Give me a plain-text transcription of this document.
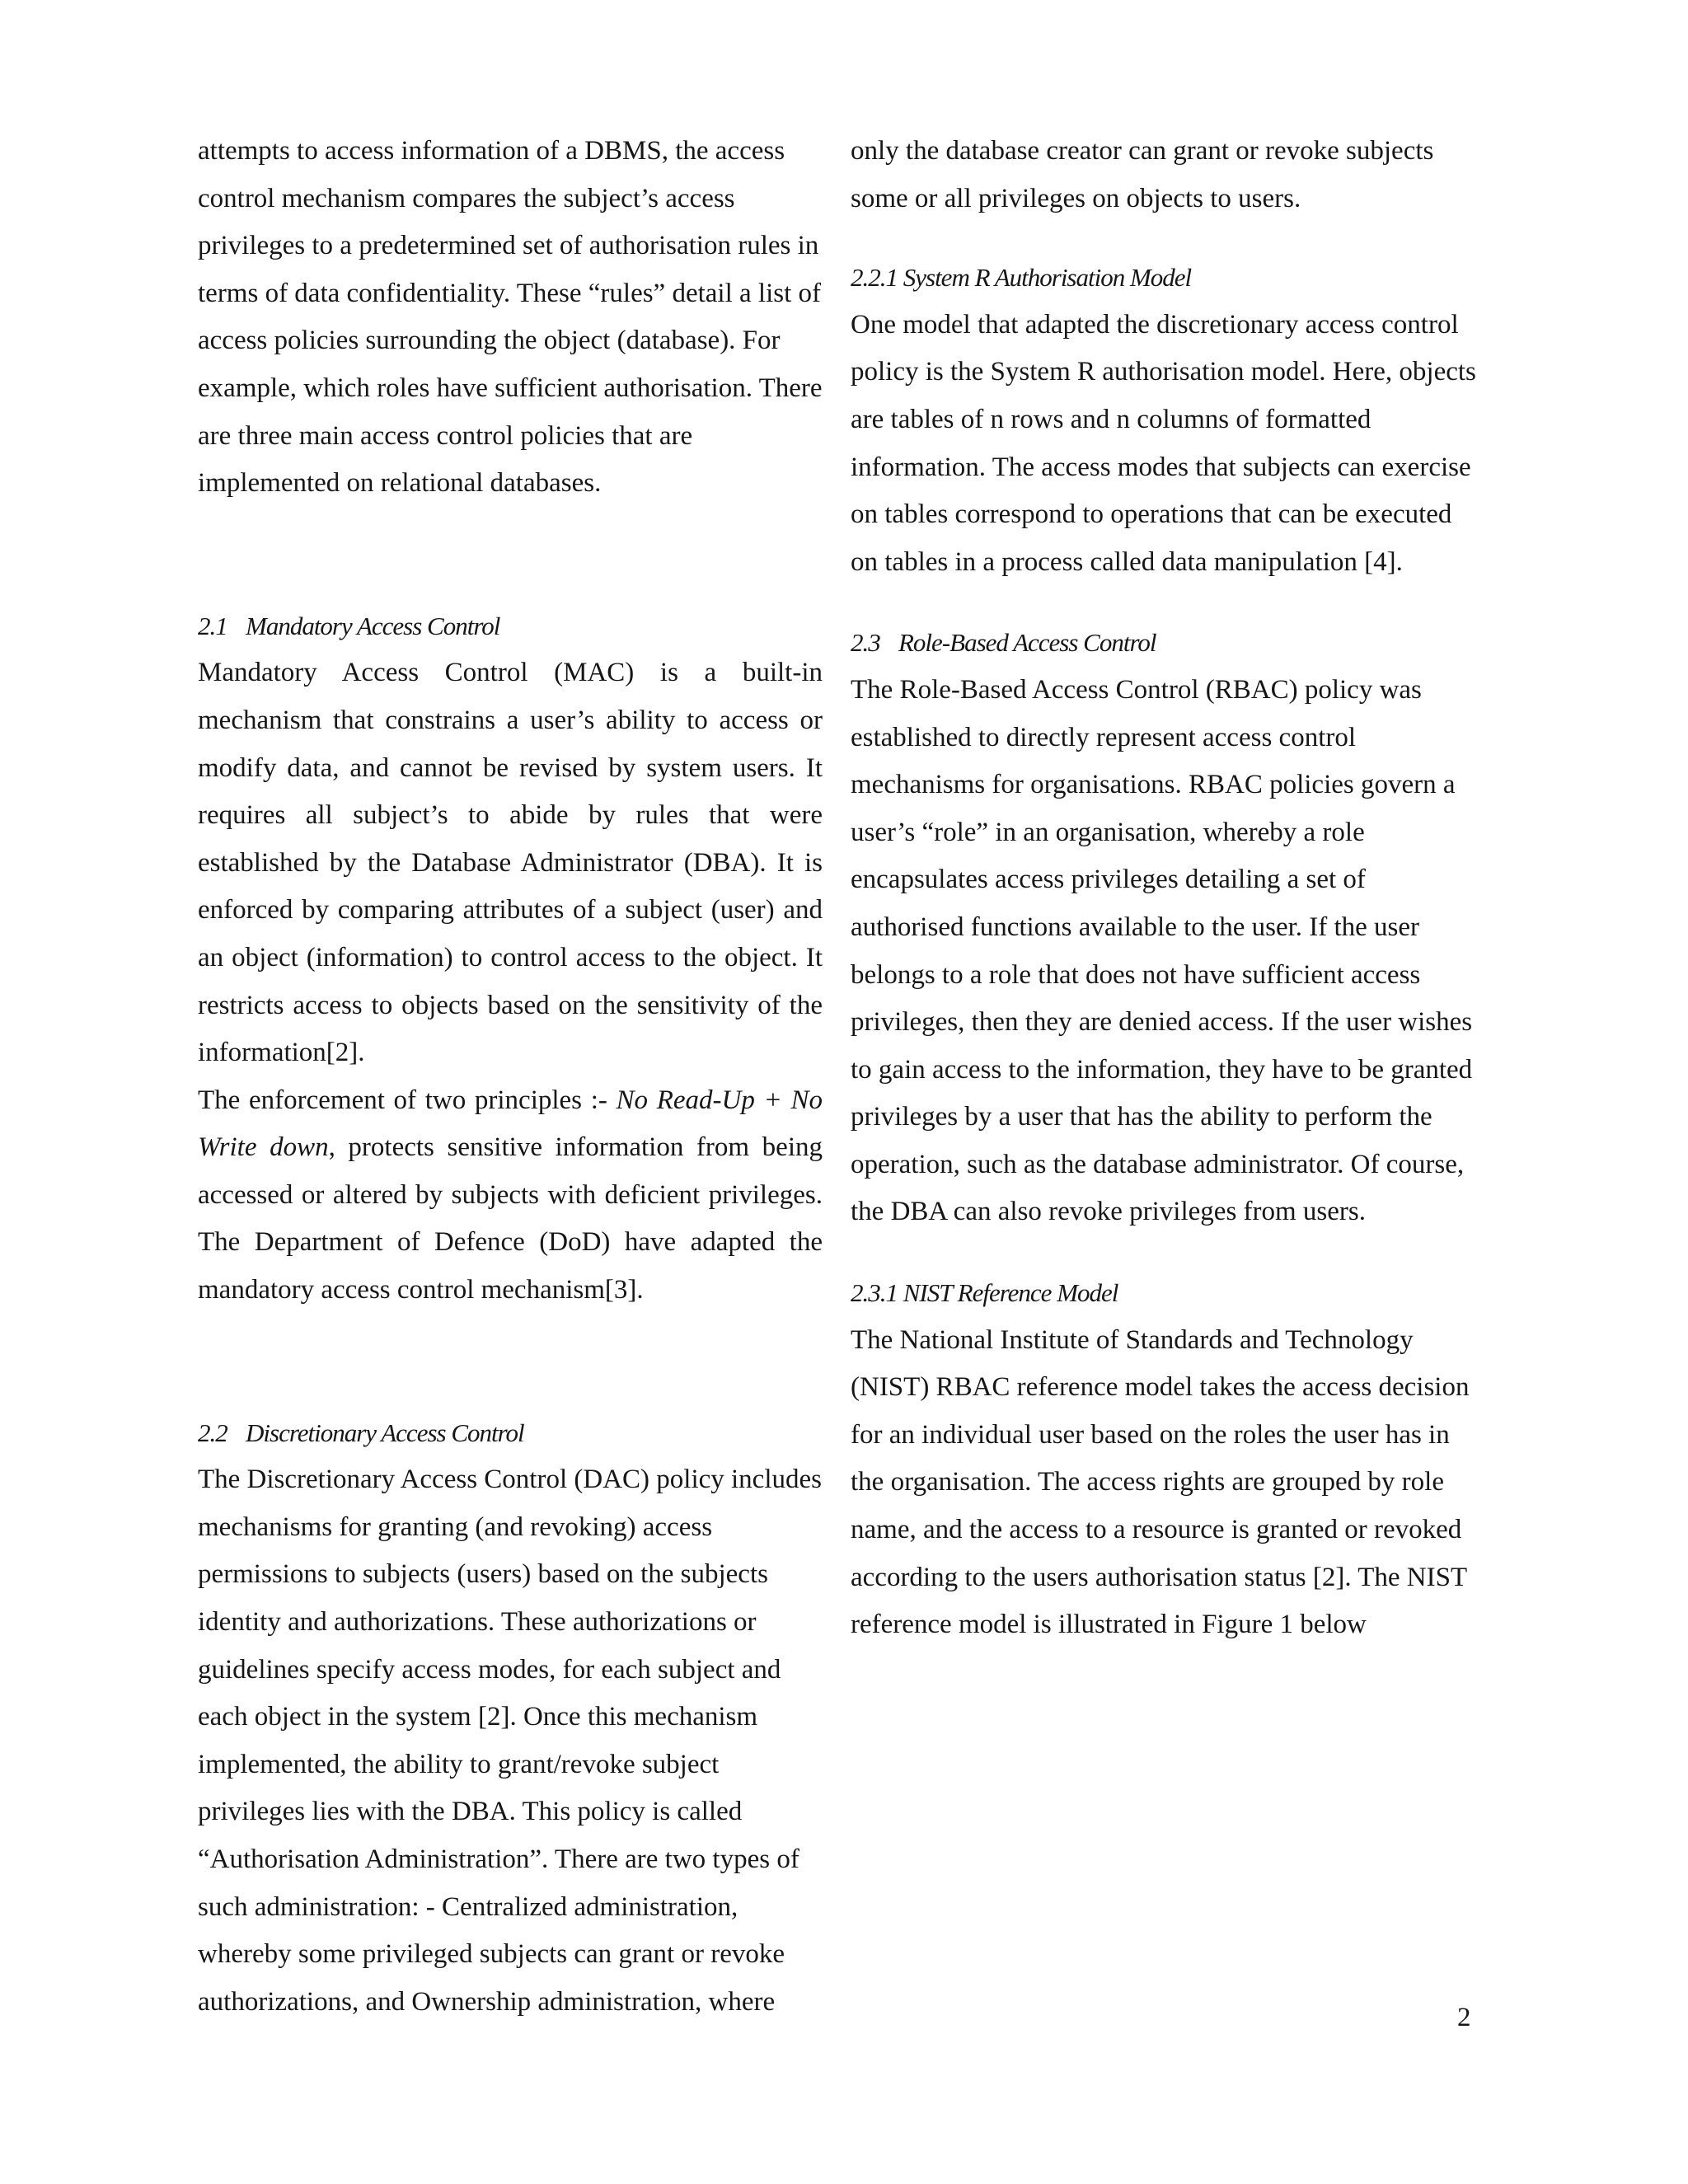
attempts to access information of a DBMS, the access control mechanism compares the subject’s access privileges to a predetermined set of authorisation rules in terms of data confidentiality. These “rules” detail a list of access policies surrounding the object (database). For example, which roles have sufficient authorisation. There are three main access control policies that are implemented on relational databases.

2.1 Mandatory Access Control

Mandatory Access Control (MAC) is a built-in mechanism that constrains a user’s ability to access or modify data, and cannot be revised by system users. It requires all subject’s to abide by rules that were established by the Database Administrator (DBA). It is enforced by comparing attributes of a subject (user) and an object (information) to control access to the object. It restricts access to objects based on the sensitivity of the information[2].

The enforcement of two principles :- No Read-Up + No Write down, protects sensitive information from being accessed or altered by subjects with deficient privileges. The Department of Defence (DoD) have adapted the mandatory access control mechanism[3].

2.2 Discretionary Access Control

The Discretionary Access Control (DAC) policy includes mechanisms for granting (and revoking) access permissions to subjects (users) based on the subjects identity and authorizations. These authorizations or guidelines specify access modes, for each subject and each object in the system [2]. Once this mechanism implemented, the ability to grant/revoke subject privileges lies with the DBA. This policy is called “Authorisation Administration”. There are two types of such administration: - Centralized administration, whereby some privileged subjects can grant or revoke authorizations, and Ownership administration, where

only the database creator can grant or revoke subjects some or all privileges on objects to users.

2.2.1 System R Authorisation Model

One model that adapted the discretionary access control policy is the System R authorisation model. Here, objects are tables of n rows and n columns of formatted information. The access modes that subjects can exercise on tables correspond to operations that can be executed on tables in a process called data manipulation [4].

2.3 Role-Based Access Control

The Role-Based Access Control (RBAC) policy was established to directly represent access control mechanisms for organisations. RBAC policies govern a user’s “role” in an organisation, whereby a role encapsulates access privileges detailing a set of authorised functions available to the user. If the user belongs to a role that does not have sufficient access privileges, then they are denied access. If the user wishes to gain access to the information, they have to be granted privileges by a user that has the ability to perform the operation, such as the database administrator. Of course, the DBA can also revoke privileges from users.

2.3.1 NIST Reference Model

The National Institute of Standards and Technology (NIST) RBAC reference model takes the access decision for an individual user based on the roles the user has in the organisation. The access rights are grouped by role name, and the access to a resource is granted or revoked according to the users authorisation status [2]. The NIST reference model is illustrated in Figure 1 below

2
